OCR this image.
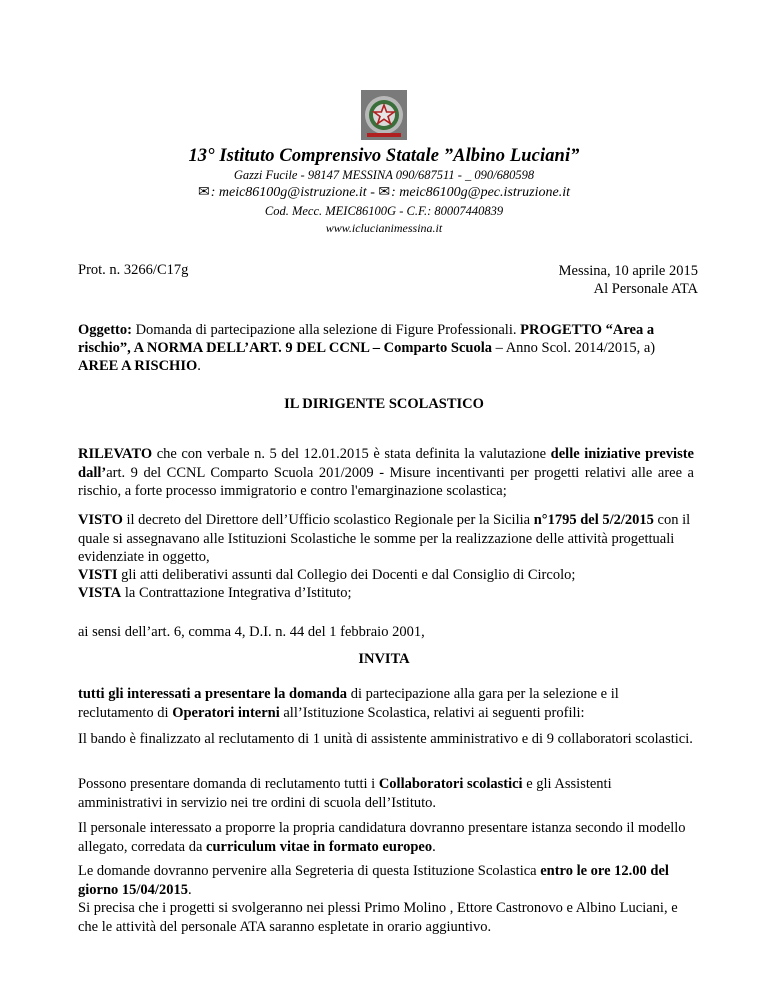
13° Istituto Comprensivo Statale ”Albino Luciani”
Gazzi Fucile - 98147 MESSINA 090/687511 - _ 090/680598
✉: meic86100g@istruzione.it - ✉: meic86100g@pec.istruzione.it
Cod. Mecc. MEIC86100G - C.F.: 80007440839
www.iclucianimessina.it
Prot. n. 3266/C17g	Messina, 10 aprile 2015
Al Personale ATA
Oggetto: Domanda di partecipazione alla selezione di Figure Professionali. PROGETTO “Area a rischio”, A NORMA DELL’ART. 9 DEL CCNL – Comparto Scuola – Anno Scol. 2014/2015, a) AREE A RISCHIO.
IL DIRIGENTE SCOLASTICO
RILEVATO che con verbale n. 5 del 12.01.2015 è stata definita la valutazione delle iniziative previste dall’art. 9 del CCNL Comparto Scuola 201/2009 - Misure incentivanti per progetti relativi alle aree a rischio, a forte processo immigratorio e contro l'emarginazione scolastica;
VISTO il decreto del Direttore dell’Ufficio scolastico Regionale per la Sicilia n°1795 del 5/2/2015 con il quale si assegnavano alle Istituzioni Scolastiche le somme per la realizzazione delle attività progettuali evidenziate in oggetto,
VISTI gli atti deliberativi assunti dal Collegio dei Docenti e dal Consiglio di Circolo;
VISTA la Contrattazione Integrativa d’Istituto;
ai sensi dell’art. 6, comma 4, D.I. n. 44 del 1 febbraio 2001,
INVITA
tutti gli interessati a presentare la domanda di partecipazione alla gara per la selezione e il reclutamento di Operatori interni all’Istituzione Scolastica, relativi ai seguenti profili:
Il bando è finalizzato al reclutamento di 1 unità di assistente amministrativo e di 9 collaboratori scolastici.
Possono presentare domanda di reclutamento tutti i Collaboratori scolastici e gli Assistenti amministrativi in servizio nei tre ordini di scuola dell’Istituto.
Il personale interessato a proporre la propria candidatura dovranno presentare istanza secondo il modello allegato, corredata da curriculum vitae in formato europeo.
Le domande dovranno pervenire alla Segreteria di questa Istituzione Scolastica entro le ore 12.00 del giorno 15/04/2015.
Si precisa che i progetti si svolgeranno nei plessi Primo Molino , Ettore Castronovo e Albino Luciani, e che le attività del personale ATA saranno espletate in orario aggiuntivo.
